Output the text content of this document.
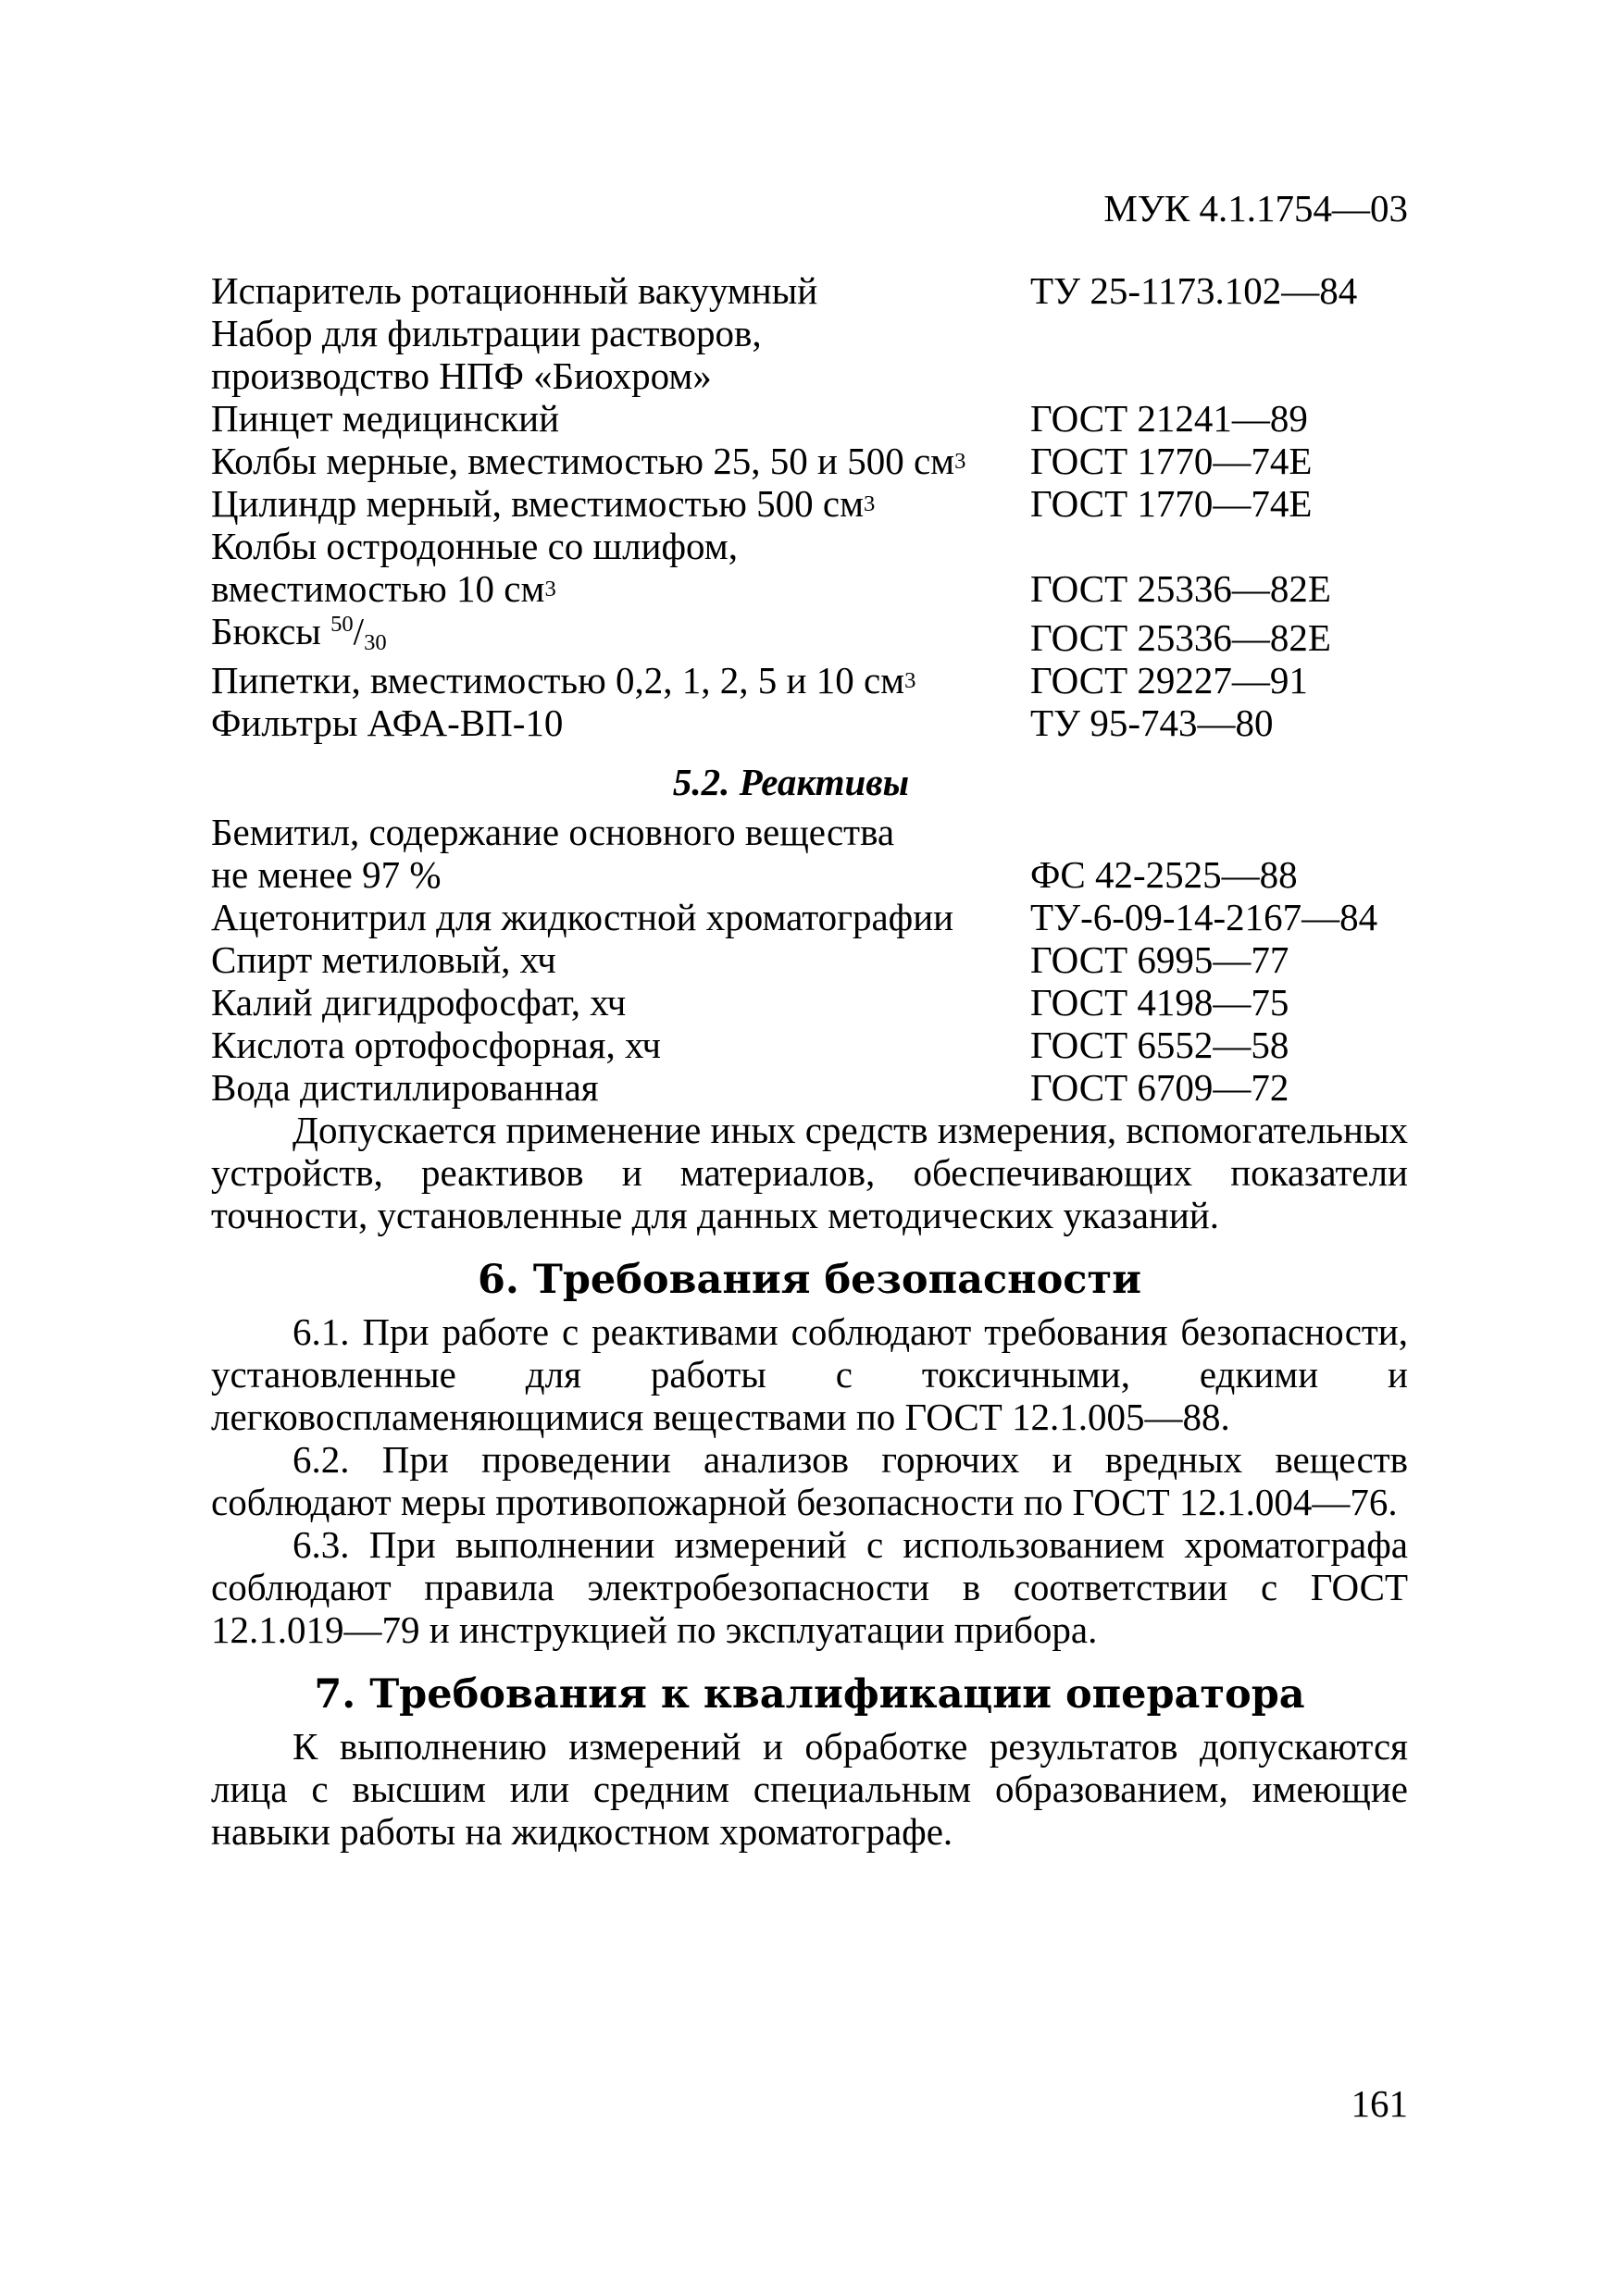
МУК 4.1.1754—03
Испаритель ротационный вакуумный	ТУ 25-1173.102—84
Набор для фильтрации растворов,
производство НПФ «Биохром»
Пинцет медицинский	ГОСТ 21241—89
Колбы мерные, вместимостью 25, 50 и 500 $см^3$	ГОСТ 1770—74Е
Цилиндр мерный, вместимостью 500 $см^3$	ГОСТ 1770—74Е
Колбы остродонные со шлифом,
вместимостью 10 $см^3$	ГОСТ 25336—82Е
Бюксы $^{50}$/30	ГОСТ 25336—82Е
Пипетки, вместимостью 0,2, 1, 2, 5 и 10 $см^3$	ГОСТ 29227—91
Фильтры АФА-ВП-10	ТУ 95-743—80
5.2. Реактивы
Бемитил, содержание основного вещества
не менее 97 %	ФС 42-2525—88
Ацетонитрил для жидкостной хроматографии	ТУ-6-09-14-2167—84
Спирт метиловый, хч	ГОСТ 6995—77
Калий дигидрофосфат, хч	ГОСТ 4198—75
Кислота ортофосфорная, хч	ГОСТ 6552—58
Вода дистиллированная	ГОСТ 6709—72

Допускается применение иных средств измерения, вспомогательных устройств, реактивов и материалов, обеспечивающих показатели точности, установленные для данных методических указаний.

6. Требования безопасности

6.1. При работе с реактивами соблюдают требования безопасности, установленные для работы с токсичными, едкими и легковоспламеняющимися веществами по ГОСТ 12.1.005—88.

6.2. При проведении анализов горючих и вредных веществ соблюдают меры противопожарной безопасности по ГОСТ 12.1.004—76.

6.3. При выполнении измерений с использованием хроматографа соблюдают правила электробезопасности в соответствии с ГОСТ 12.1.019—79 и инструкцией по эксплуатации прибора.

7. Требования к квалификации оператора

К выполнению измерений и обработке результатов допускаются лица с высшим или средним специальным образованием, имеющие навыки работы на жидкостном хроматографе.

161
